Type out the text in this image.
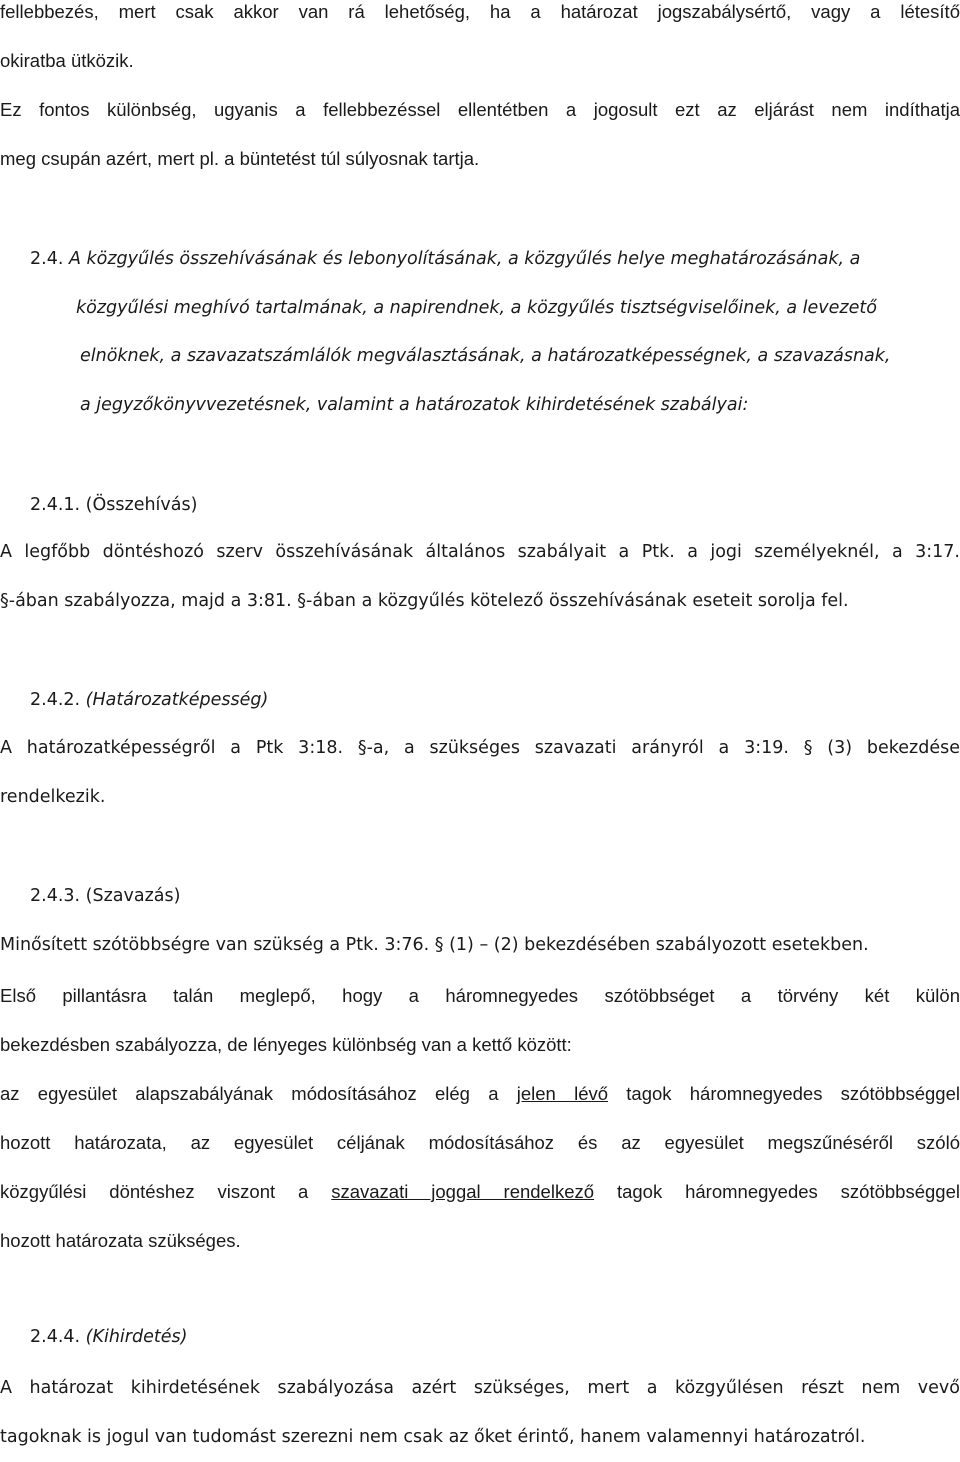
fellebbezés, mert csak akkor van rá lehetőség, ha a határozat jogszabálysértő, vagy a létesítő
okiratba ütközik.
Ez fontos különbség, ugyanis a fellebbezéssel ellentétben a jogosult ezt az eljárást nem indíthatja
meg csupán azért, mert pl. a büntetést túl súlyosnak tartja.

2.4. A közgyűlés összehívásának és lebonyolításának, a közgyűlés helye meghatározásának, a
közgyűlési meghívó tartalmának, a napirendnek, a közgyűlés tisztségviselőinek, a levezető
elnöknek, a szavazatszámlálók megválasztásának, a határozatképességnek, a szavazásnak,
a jegyzőkönyvvezetésnek, valamint a határozatok kihirdetésének szabályai:
2.4.1. (Összehívás)

A legfőbb döntéshozó szerv összehívásának általános szabályait a Ptk. a jogi személyeknél, a 3:17.
§-ában szabályozza, majd a 3:81. §-ában a közgyűlés kötelező összehívásának eseteit sorolja fel.

2.4.2. (Határozatképesség)

A határozatképességről a Ptk 3:18. §-a, a szükséges szavazati arányról a 3:19. § (3) bekezdése
rendelkezik.

2.4.3. (Szavazás)

Minősített szótöbbségre van szükség a Ptk. 3:76. § (1) – (2) bekezdésében szabályozott esetekben.

Első pillantásra talán meglepő, hogy a háromnegyedes szótöbbséget a törvény két külön
bekezdésben szabályozza, de lényeges különbség van a kettő között:
az egyesület alapszabályának módosításához elég a jelen lévő tagok háromnegyedes szótöbbséggel
hozott határozata, az egyesület céljának módosításához és az egyesület megszűnéséről szóló
közgyűlési döntéshez viszont a szavazati joggal rendelkező tagok háromnegyedes szótöbbséggel
hozott határozata szükséges.

2.4.4. (Kihirdetés)

A határozat kihirdetésének szabályozása azért szükséges, mert a közgyűlésen részt nem vevő
tagoknak is jogul van tudomást szerezni nem csak az őket érintő, hanem valamennyi határozatról.
